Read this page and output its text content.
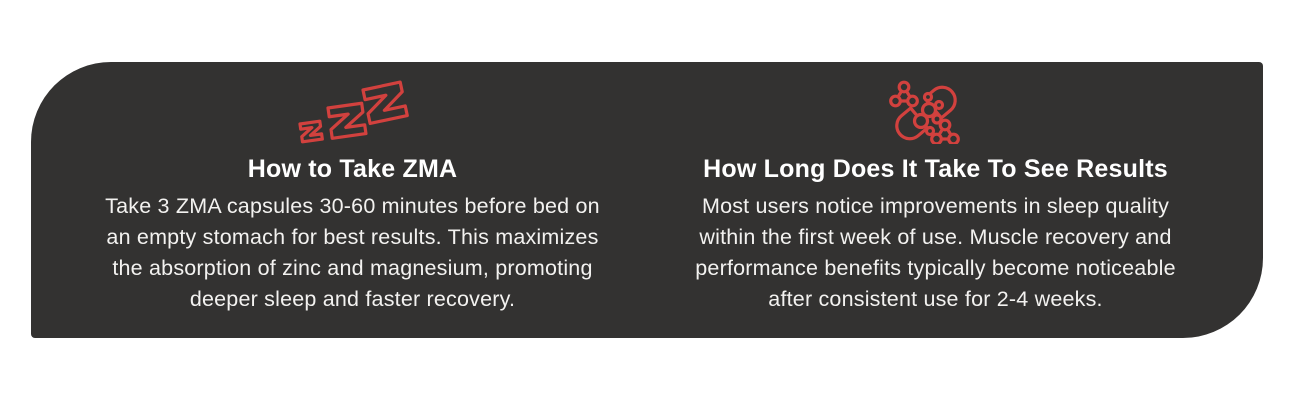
How to Take ZMA
Take 3 ZMA capsules 30-60 minutes before bed on
an empty stomach for best results. This maximizes
the absorption of zinc and magnesium, promoting
deeper sleep and faster recovery.
How Long Does It Take To See Results
Most users notice improvements in sleep quality
within the first week of use. Muscle recovery and
performance benefits typically become noticeable
after consistent use for 2-4 weeks.
